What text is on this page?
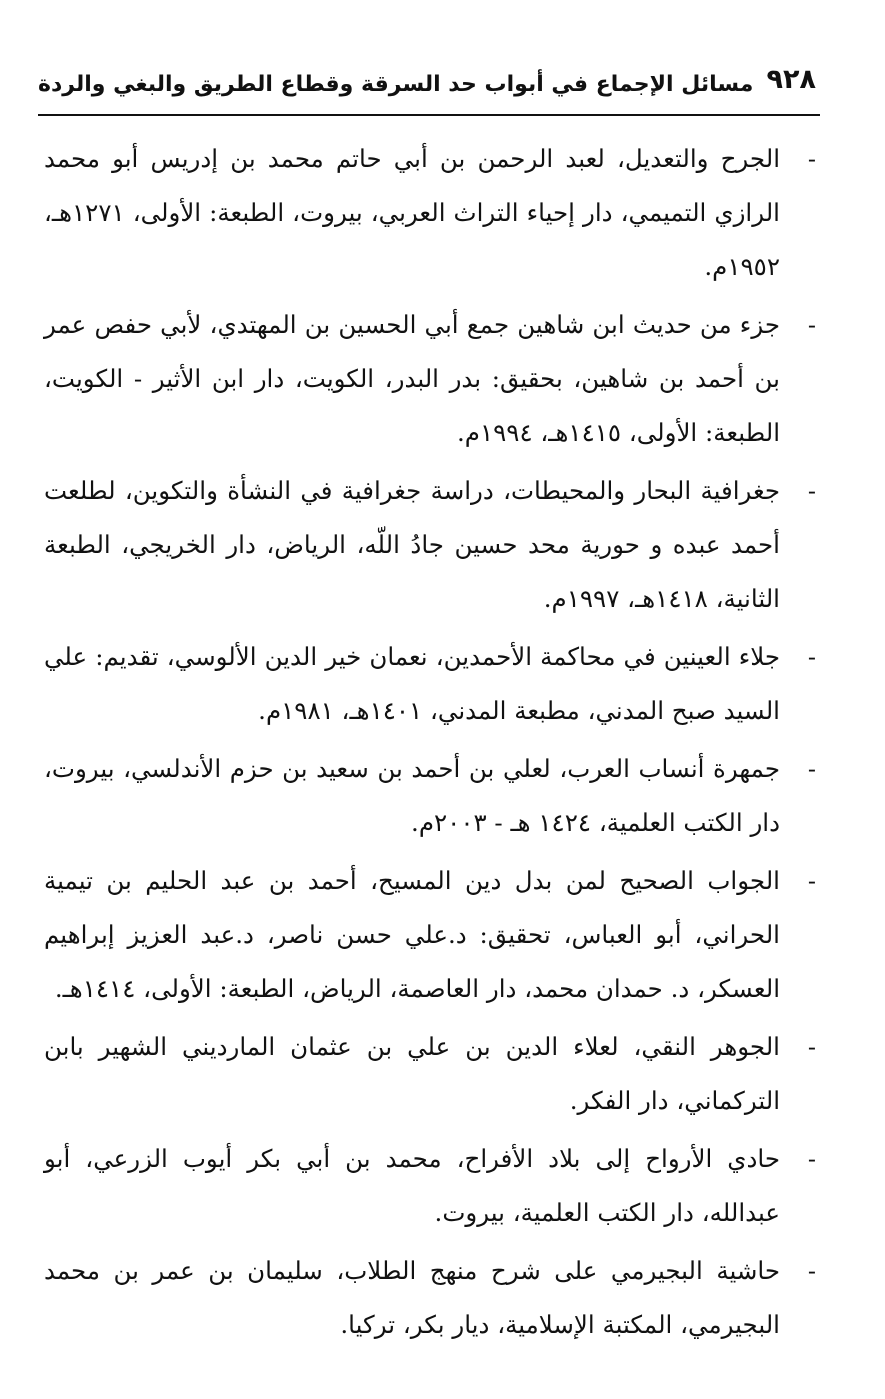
٩٢٨
مسائل الإجماع في أبواب حد السرقة وقطاع الطريق والبغي والردة
-
الجرح والتعديل، لعبد الرحمن بن أبي حاتم محمد بن إدريس أبو محمد الرازي التميمي، دار إحياء التراث العربي، بيروت، الطبعة: الأولى، ١٢٧١هـ، ١٩٥٢م.
-
جزء من حديث ابن شاهين جمع أبي الحسين بن المهتدي، لأبي حفص عمر بن أحمد بن شاهين، بحقيق: بدر البدر، الكويت، دار ابن الأثير - الكويت، الطبعة: الأولى، ١٤١٥هـ، ١٩٩٤م.
-
جغرافية البحار والمحيطات، دراسة جغرافية في النشأة والتكوين، لطلعت أحمد عبده و حورية محد حسين جادُ اللّه، الرياض، دار الخريجي، الطبعة الثانية، ١٤١٨هـ، ١٩٩٧م.
-
جلاء العينين في محاكمة الأحمدين، نعمان خير الدين الألوسي، تقديم: علي السيد صبح المدني، مطبعة المدني، ١٤٠١هـ، ١٩٨١م.
-
جمهرة أنساب العرب، لعلي بن أحمد بن سعيد بن حزم الأندلسي، بيروت، دار الكتب العلمية، ١٤٢٤ هـ - ٢٠٠٣م.
-
الجواب الصحيح لمن بدل دين المسيح، أحمد بن عبد الحليم بن تيمية الحراني، أبو العباس، تحقيق: د.علي حسن ناصر، د.عبد العزيز إبراهيم العسكر، د. حمدان محمد، دار العاصمة، الرياض، الطبعة: الأولى، ١٤١٤هـ.
-
الجوهر النقي، لعلاء الدين بن علي بن عثمان المارديني الشهير بابن التركماني، دار الفكر.
-
حادي الأرواح إلى بلاد الأفراح، محمد بن أبي بكر أيوب الزرعي، أبو عبدالله، دار الكتب العلمية، بيروت.
-
حاشية البجيرمي على شرح منهج الطلاب، سليمان بن عمر بن محمد البجيرمي، المكتبة الإسلامية، ديار بكر، تركيا.
